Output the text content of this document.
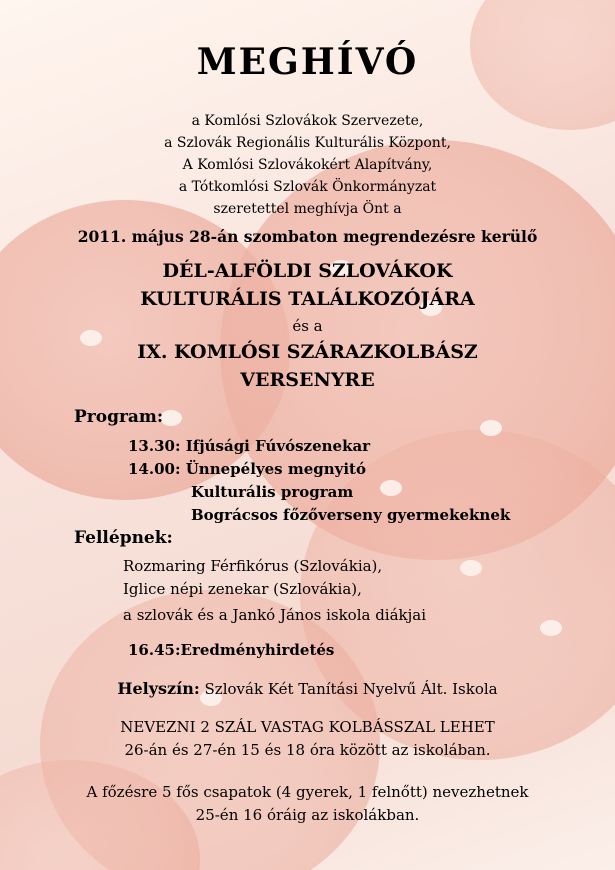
MEGHÍVÓ
a Komlósi Szlovákok Szervezete,
a Szlovák Regionális Kulturális Központ,
A Komlósi Szlovákokért Alapítvány,
a Tótkomlósi Szlovák Önkormányzat
szeretettel meghívja Önt a
2011. május 28-án szombaton megrendezésre kerülő
DÉL-ALFÖLDI SZLOVÁKOK
KULTURÁLIS TALÁLKOZÓJÁRA
és a
IX. KOMLÓSI SZÁRAZKOLBÁSZ
VERSENYRE
Program:
13.30: Ifjúsági Fúvószenekar
14.00: Ünnepélyes megnyitó
Kulturális program
Bográcsos főzőverseny gyermekeknek
Fellépnek:
Rozmaring Férfikórus (Szlovákia),
Iglice népi zenekar (Szlovákia),
a szlovák és a Jankó János iskola diákjai
16.45:Eredményhirdetés
Helyszín: Szlovák Két Tanítási Nyelvű Ált. Iskola
NEVEZNI 2 SZÁL VASTAG KOLBÁSSZAL LEHET
26-án és 27-én 15 és 18 óra között az iskolában.
A főzésre 5 fős csapatok (4 gyerek, 1 felnőtt) nevezhetnek
25-én 16 óráig az iskolákban.
